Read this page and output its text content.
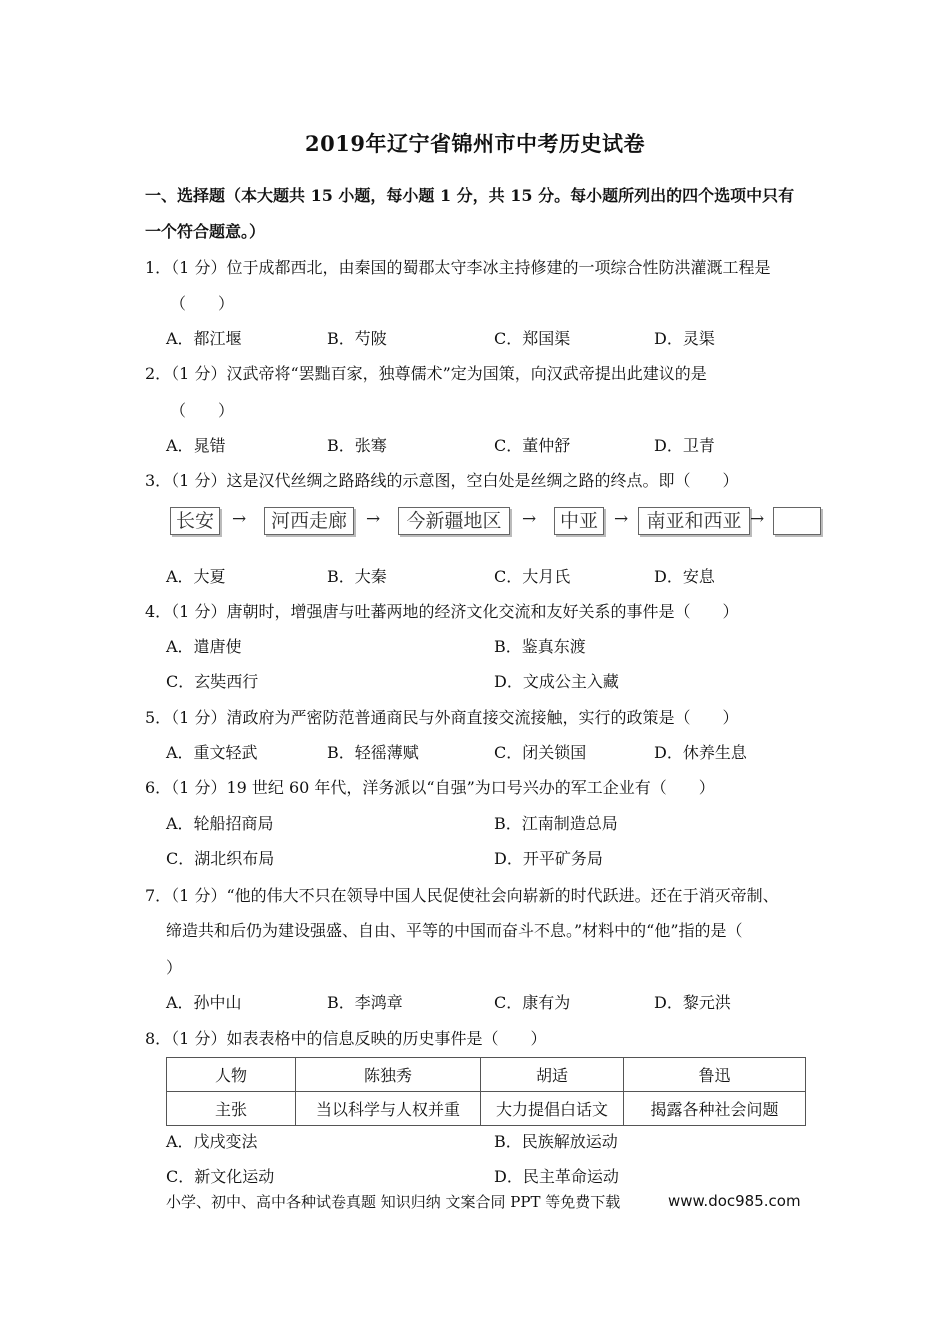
2019年辽宁省锦州市中考历史试卷
一、选择题（本大题共 15 小题，每小题 1 分，共 15 分。每小题所列出的四个选项中只有
一个符合题意。）
1．（1 分）位于成都西北，由秦国的蜀郡太守李冰主持修建的一项综合性防洪灌溉工程是
（　　）
A．都江堰	B．芍陂	C．郑国渠	D．灵渠
2．（1 分）汉武帝将“罢黜百家，独尊儒术”定为国策，向汉武帝提出此建议的是
（　　）
A．晁错	B．张骞	C．董仲舒	D．卫青
3．（1 分）这是汉代丝绸之路路线的示意图，空白处是丝绸之路的终点。即（　　）
长安	→	河西走廊	→	今新疆地区	→	中亚 → 南亚和西亚 →
A．大夏	B．大秦	C．大月氏	D．安息
4．（1 分）唐朝时，增强唐与吐蕃两地的经济文化交流和友好关系的事件是（　　）
A．遣唐使	B．鉴真东渡
C．玄奘西行	D．文成公主入藏
5．（1 分）清政府为严密防范普通商民与外商直接交流接触，实行的政策是（　　）
A．重文轻武	B．轻徭薄赋	C．闭关锁国	D．休养生息
6．（1 分）19 世纪 60 年代，洋务派以“自强”为口号兴办的军工企业有（　　）
A．轮船招商局	B．江南制造总局
C．湖北织布局	D．开平矿务局
7．（1 分）“他的伟大不只在领导中国人民促使社会向崭新的时代跃进。还在于消灭帝制、
缔造共和后仍为建设强盛、自由、平等的中国而奋斗不息。”材料中的“他”指的是（
）
A．孙中山	B．李鸿章	C．康有为	D．黎元洪
8．（1 分）如表表格中的信息反映的历史事件是（　　）
人物	陈独秀	胡适	鲁迅
主张	当以科学与人权并重	大力提倡白话文	揭露各种社会问题
A．戊戌变法	B．民族解放运动
C．新文化运动	D．民主革命运动
小学、初中、高中各种试卷真题 知识归纳 文案合同 PPT 等免费下载	www.doc985.com
